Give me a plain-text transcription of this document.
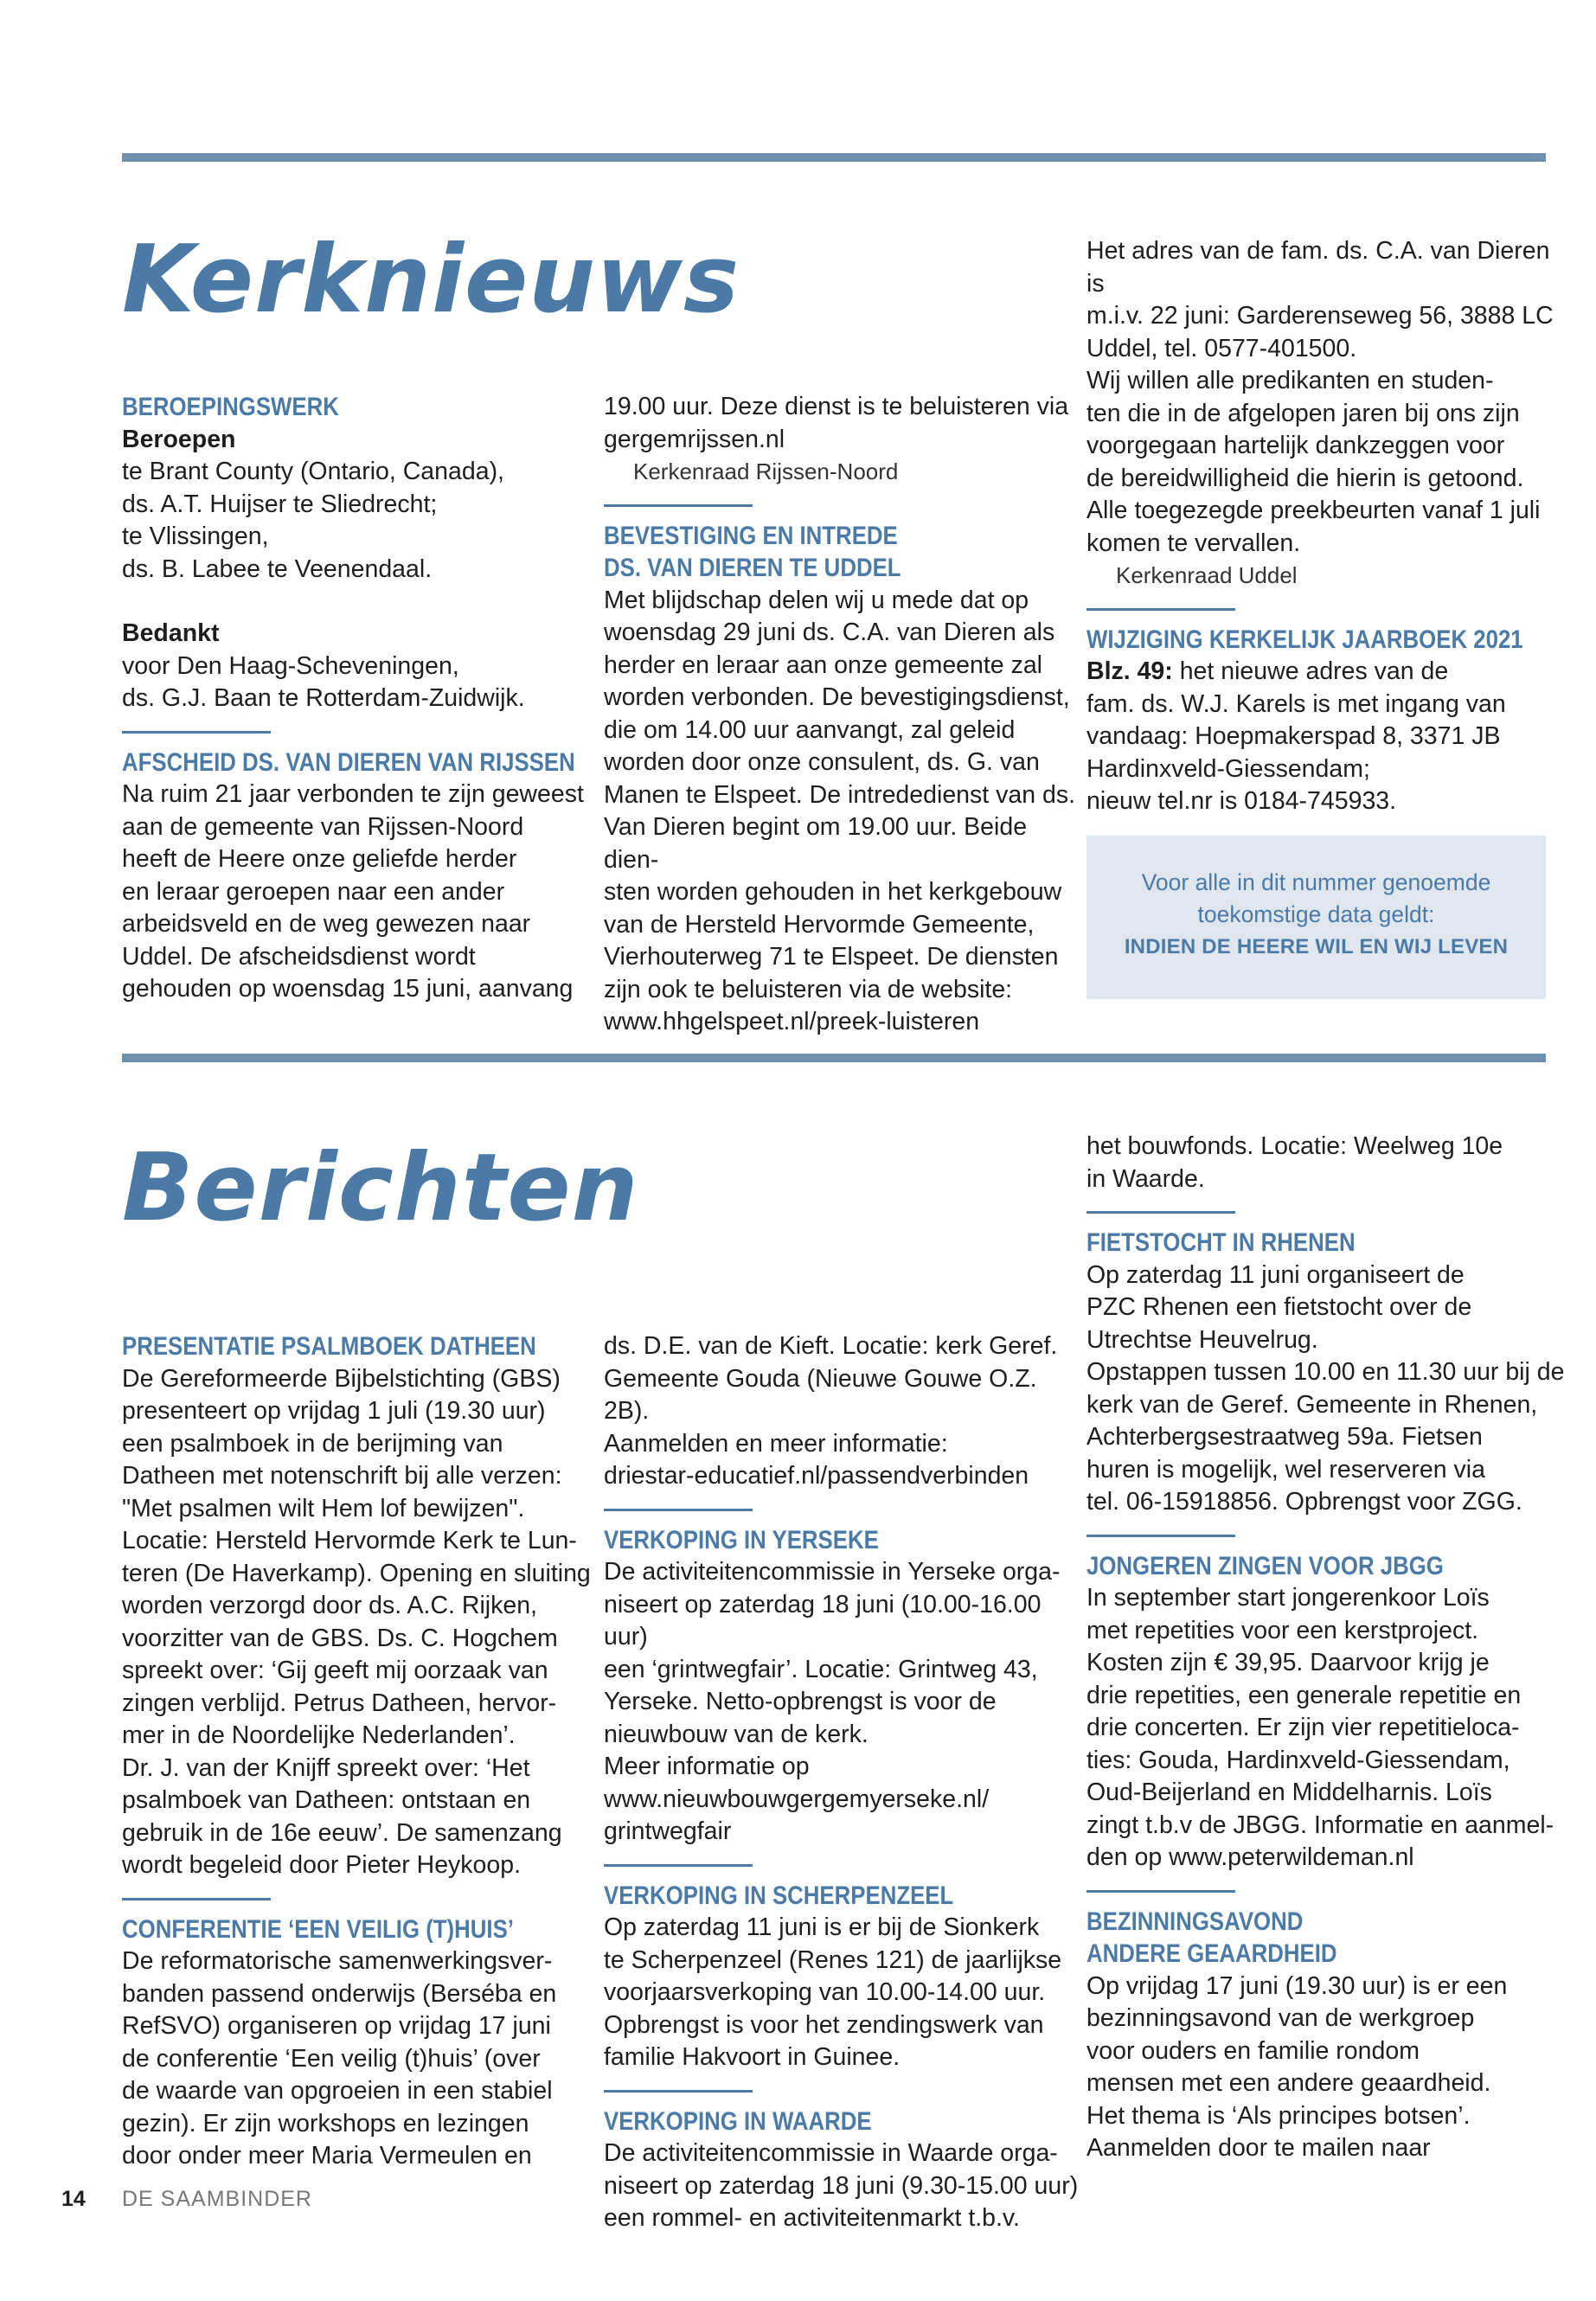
Kerknieuws

BEROEPINGSWERK

Beroepen

te Brant County (Ontario, Canada),

ds. A.T. Huijser te Sliedrecht;

te Vlissingen,

ds. B. Labee te Veenendaal.

Bedankt

voor Den Haag-Scheveningen,

ds. G.J. Baan te Rotterdam-Zuidwijk.

AFSCHEID DS. VAN DIEREN VAN RIJSSEN

Na ruim 21 jaar verbonden te zijn geweest

aan de gemeente van Rijssen-Noord

heeft de Heere onze geliefde herder

en leraar geroepen naar een ander

arbeidsveld en de weg gewezen naar

Uddel. De afscheidsdienst wordt

gehouden op woensdag 15 juni, aanvang

19.00 uur. Deze dienst is te beluisteren via

gergemrijssen.nl

Kerkenraad Rijssen-Noord

BEVESTIGING EN INTREDE

DS. VAN DIEREN TE UDDEL

Met blijdschap delen wij u mede dat op

woensdag 29 juni ds. C.A. van Dieren als

herder en leraar aan onze gemeente zal

worden verbonden. De bevestigingsdienst,

die om 14.00 uur aanvangt, zal geleid

worden door onze consulent, ds. G. van

Manen te Elspeet. De intrededienst van ds.

Van Dieren begint om 19.00 uur. Beide dien-

sten worden gehouden in het kerkgebouw

van de Hersteld Hervormde Gemeente,

Vierhouterweg 71 te Elspeet. De diensten

zijn ook te beluisteren via de website:

www.hhgelspeet.nl/preek-luisteren

Het adres van de fam. ds. C.A. van Dieren is

m.i.v. 22 juni: Garderenseweg 56, 3888 LC

Uddel, tel. 0577-401500.

Wij willen alle predikanten en studen-

ten die in de afgelopen jaren bij ons zijn

voorgegaan hartelijk dankzeggen voor

de bereidwilligheid die hierin is getoond.

Alle toegezegde preekbeurten vanaf 1 juli

komen te vervallen.

Kerkenraad Uddel

WIJZIGING KERKELIJK JAARBOEK 2021

Blz. 49: het nieuwe adres van de

fam. ds. W.J. Karels is met ingang van

vandaag: Hoepmakerspad 8, 3371 JB

Hardinxveld-Giessendam;

nieuw tel.nr is 0184-745933.

Voor alle in dit nummer genoemde
toekomstige data geldt:
INDIEN DE HEERE WIL EN WIJ LEVEN
Berichten

PRESENTATIE PSALMBOEK DATHEEN

De Gereformeerde Bijbelstichting (GBS)

presenteert op vrijdag 1 juli (19.30 uur)

een psalmboek in de berijming van

Datheen met notenschrift bij alle verzen:

"Met psalmen wilt Hem lof bewijzen".

Locatie: Hersteld Hervormde Kerk te Lun-

teren (De Haverkamp). Opening en sluiting

worden verzorgd door ds. A.C. Rijken,

voorzitter van de GBS. Ds. C. Hogchem

spreekt over: ‘Gij geeft mij oorzaak van

zingen verblijd. Petrus Datheen, hervor-

mer in de Noordelijke Nederlanden’.

Dr. J. van der Knijff spreekt over: ‘Het

psalmboek van Datheen: ontstaan en

gebruik in de 16e eeuw’. De samenzang

wordt begeleid door Pieter Heykoop.

CONFERENTIE ‘EEN VEILIG (T)HUIS’

De reformatorische samenwerkingsver-

banden passend onderwijs (Berséba en

RefSVO) organiseren op vrijdag 17 juni

de conferentie ‘Een veilig (t)huis’ (over

de waarde van opgroeien in een stabiel

gezin). Er zijn workshops en lezingen

door onder meer Maria Vermeulen en

ds. D.E. van de Kieft. Locatie: kerk Geref.

Gemeente Gouda (Nieuwe Gouwe O.Z. 2B).

Aanmelden en meer informatie:

driestar-educatief.nl/passendverbinden

VERKOPING IN YERSEKE

De activiteitencommissie in Yerseke orga-

niseert op zaterdag 18 juni (10.00-16.00 uur)

een ‘grintwegfair’. Locatie: Grintweg 43,

Yerseke. Netto-opbrengst is voor de

nieuwbouw van de kerk.

Meer informatie op

www.nieuwbouwgergemyerseke.nl/

grintwegfair

VERKOPING IN SCHERPENZEEL

Op zaterdag 11 juni is er bij de Sionkerk

te Scherpenzeel (Renes 121) de jaarlijkse

voorjaarsverkoping van 10.00-14.00 uur.

Opbrengst is voor het zendingswerk van

familie Hakvoort in Guinee.

VERKOPING IN WAARDE

De activiteitencommissie in Waarde orga-

niseert op zaterdag 18 juni (9.30-15.00 uur)

een rommel- en activiteitenmarkt t.b.v.

het bouwfonds. Locatie: Weelweg 10e

in Waarde.

FIETSTOCHT IN RHENEN

Op zaterdag 11 juni organiseert de

PZC Rhenen een fietstocht over de

Utrechtse Heuvelrug.

Opstappen tussen 10.00 en 11.30 uur bij de

kerk van de Geref. Gemeente in Rhenen,

Achterbergsestraatweg 59a. Fietsen

huren is mogelijk, wel reserveren via

tel. 06-15918856. Opbrengst voor ZGG.

JONGEREN ZINGEN VOOR JBGG

In september start jongerenkoor Loïs

met repetities voor een kerstproject.

Kosten zijn € 39,95. Daarvoor krijg je

drie repetities, een generale repetitie en

drie concerten. Er zijn vier repetitieloca-

ties: Gouda, Hardinxveld-Giessendam,

Oud-Beijerland en Middelharnis. Loïs

zingt t.b.v de JBGG. Informatie en aanmel-

den op www.peterwildeman.nl

BEZINNINGSAVOND

ANDERE GEAARDHEID

Op vrijdag 17 juni (19.30 uur) is er een

bezinningsavond van de werkgroep

voor ouders en familie rondom

mensen met een andere geaardheid.

Het thema is ‘Als principes botsen’.

Aanmelden door te mailen naar

14 DE SAAMBINDER
